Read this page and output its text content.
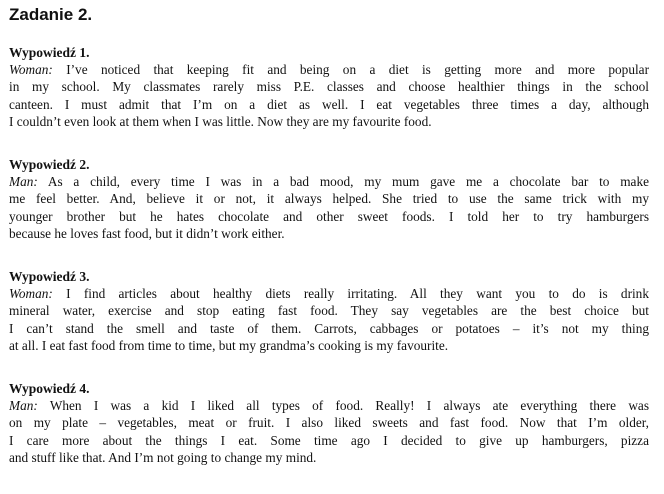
Zadanie 2.

Wypowiedź 1.

Woman: I’ve noticed that keeping fit and being on a diet is getting more and more popular
in my school. My classmates rarely miss P.E. classes and choose healthier things in the school
canteen. I must admit that I’m on a diet as well. I eat vegetables three times a day, although
I couldn’t even look at them when I was little. Now they are my favourite food.

Wypowiedź 2.

Man: As a child, every time I was in a bad mood, my mum gave me a chocolate bar to make
me feel better. And, believe it or not, it always helped. She tried to use the same trick with my
younger brother but he hates chocolate and other sweet foods. I told her to try hamburgers
because he loves fast food, but it didn’t work either.

Wypowiedź 3.

Woman: I find articles about healthy diets really irritating. All they want you to do is drink
mineral water, exercise and stop eating fast food. They say vegetables are the best choice but
I can’t stand the smell and taste of them. Carrots, cabbages or potatoes – it’s not my thing
at all. I eat fast food from time to time, but my grandma’s cooking is my favourite.

Wypowiedź 4.

Man: When I was a kid I liked all types of food. Really! I always ate everything there was
on my plate – vegetables, meat or fruit. I also liked sweets and fast food. Now that I’m older,
I care more about the things I eat. Some time ago I decided to give up hamburgers, pizza
and stuff like that. And I’m not going to change my mind.
